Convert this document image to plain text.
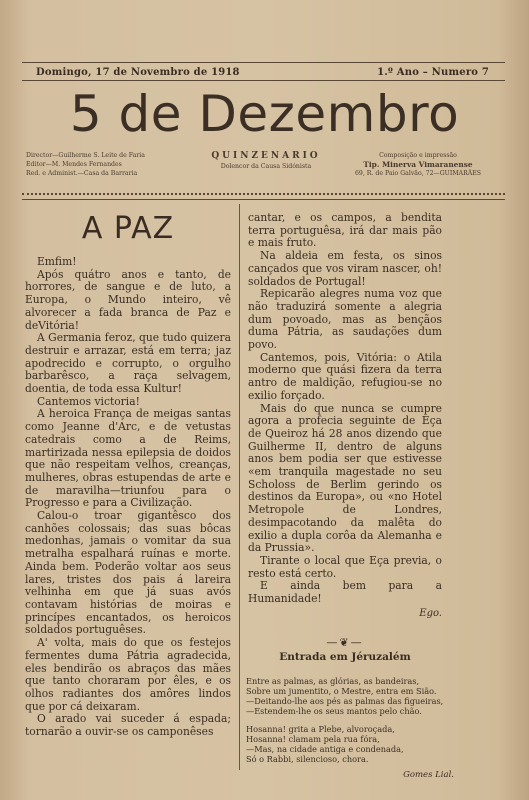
Domingo, 17 de Novembro de 1918	1.º Ano – Numero 7
5 de Dezembro
Director—Guilherme S. Leite de Faria
Editor—M. Mendes Fernandes
Red. e Administ.—Casa da Barraria
QUINZENARIO
Dolencor da Causa Sidónista
Composição e impressão
Tip. Minerva Vimaranense
69, R. de Paio Galvão, 72—GUIMARÃES
A PAZ

Emfim!

Após quátro anos e tanto, de horrores, de sangue e de luto, a Europa, o Mundo inteiro, vê alvorecer a fada branca de Paz e deVitória!

A Germania feroz, que tudo quizera destruir e arrazar, está em terra; jaz apodrecido e corrupto, o orgulho barbarêsco, a raça selvagem, doentia, de toda essa Kultur!

Cantemos victoria!

A heroica França de meigas santas como Jeanne d'Arc, e de vetustas catedrais como a de Reims, martirizada nessa epilepsia de doidos que não respeitam velhos, creanças, mulheres, obras estupendas de arte e de maravilha—triunfou para o Progresso e para a Civilização.

Calou-o troar gigantêsco dos canhões colossais; das suas bôcas medonhas, jamais o vomitar da sua metralha espalhará ruínas e morte. Ainda bem. Poderão voltar aos seus lares, tristes dos pais á lareira velhinha em que já suas avós contavam histórias de moiras e princípes encantados, os heroicos soldados portuguêses.

A' volta, mais do que os festejos fermentes duma Pátria agradecida, eles bendirão os abraços das mães que tanto choraram por êles, e os olhos radiantes dos amôres lindos que por cá deixaram.

O arado vai suceder á espada; tornarão a ouvir-se os camponêses

cantar, e os campos, a bendita terra portuguêsa, irá dar mais pão e mais fruto.

Na aldeia em festa, os sinos cançados que vos viram nascer, oh! soldados de Portugal!

Repicarão alegres numa voz que não traduzirá somente a alegria dum povoado, mas as bençãos duma Pátria, as saudações dum povo.

Cantemos, pois, Vitória: o Atila moderno que quási fizera da terra antro de maldição, refugiou-se no exilio forçado.

Mais do que nunca se cumpre agora a profecia seguinte de Eça de Queiroz há 28 anos dizendo que Guilherme II, dentro de alguns anos bem podia ser que estivesse «em tranquila magestade no seu Scholoss de Berlim gerindo os destinos da Europa», ou «no Hotel Metropole de Londres, desimpacotando da malêta do exilio a dupla corôa da Alemanha e da Prussia».

Tirante o local que Eça previa, o resto está certo.

E ainda bem para a Humanidade!

Ego.
—❦—
Entrada em Jéruzalém
Entre as palmas, as glórias, as bandeiras,
Sobre um jumentito, o Mestre, entra em Sião.
—Deitando-lhe aos pés as palmas das figueiras,
—Estendem-lhe os seus mantos pelo chão.
Hosanna! grita a Plebe, alvoroçada,
Hosanna! clamam pela rua fóra,
—Mas, na cidade antiga e condenada,
Só o Rabbi, silencioso, chora.
Gomes Lial.
